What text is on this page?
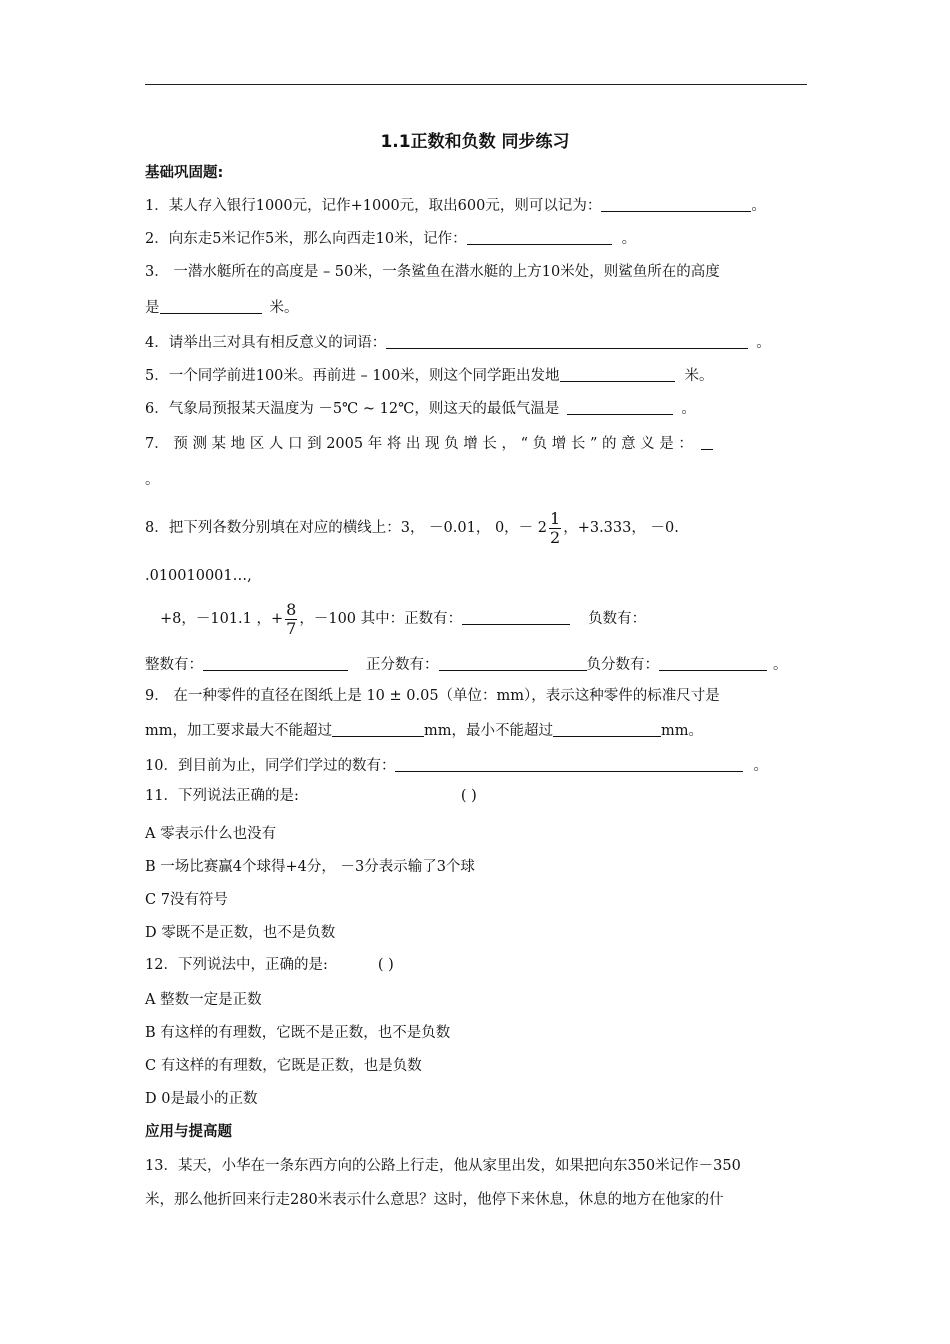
1.1正数和负数 同步练习
基础巩固题:
1．某人存入银行1000元，记作+1000元，取出600元，则可以记为：	。
2．向东走5米记作5米，那么向西走10米，记作：	。
3． 一潜水艇所在的高度是 – 50米，一条鲨鱼在潜水艇的上方10米处，则鲨鱼所在的高度
是	米。
4．请举出三对具有相反意义的词语：	。
5．一个同学前进100米。再前进 – 100米，则这个同学距出发地	米。
6．气象局预报某天温度为 －5℃ ~ 12℃，则这天的最低气温是	。
7． 预 测 某 地 区 人 口 到 2005 年 将 出 现 负 增 长 ， “ 负 增 长 ” 的 意 义 是 ：
。
8．把下列各数分别填在对应的横线上：3， －0.01， 0，－ $2 \frac{1}{2}$ ，+3.333， －0.
.010010001…,
+8，－101.1 ，+ $\frac{8}{7}$ ，－100 其中：正数有：	负数有：
整数有：	正分数有：	负分数有：	。
9． 在一种零件的直径在图纸上是 10 ± 0.05（单位：mm），表示这种零件的标准尺寸是
mm，加工要求最大不能超过	mm，最小不能超过	mm。
10．到目前为止，同学们学过的数有：	。
11．下列说法正确的是:	( )
A 零表示什么也没有
B 一场比赛赢4个球得+4分， －3分表示输了3个球
C 7没有符号
D 零既不是正数，也不是负数
12．下列说法中，正确的是:	( )
A 整数一定是正数
B 有这样的有理数，它既不是正数，也不是负数
C 有这样的有理数，它既是正数，也是负数
D 0是最小的正数
应用与提高题
13．某天，小华在一条东西方向的公路上行走，他从家里出发，如果把向东350米记作－350
米，那么他折回来行走280米表示什么意思？这时，他停下来休息，休息的地方在他家的什
